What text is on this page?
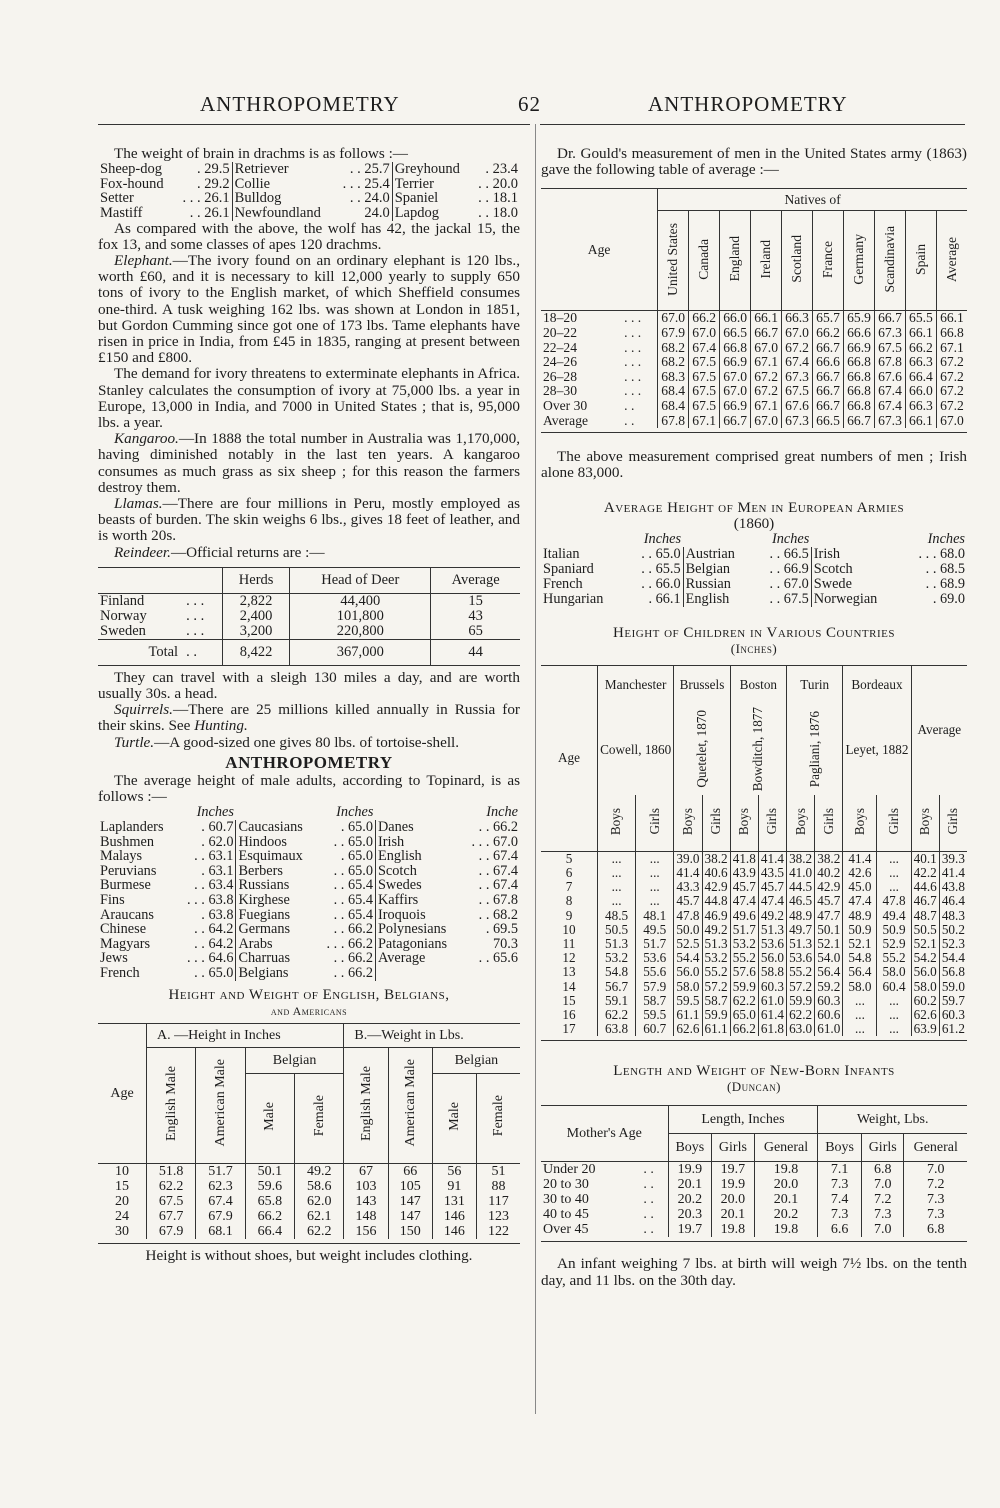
ANTHROPOMETRY	62	ANTHROPOMETRY

The weight of brain in drachms is as follows :—

Sheep-dog	. 29.5	Retriever	. . 25.7	Greyhound	. 23.4
Fox-hound	. 29.2	Collie	. . . 25.4	Terrier	. . 20.0
Setter	. . . 26.1	Bulldog	. . 24.0	Spaniel	. . 18.1
Mastiff	. . 26.1	Newfoundland	24.0	Lapdog	. . 18.0

As compared with the above, the wolf has 42, the jackal 15, the fox 13, and some classes of apes 120 drachms.

Elephant.—The ivory found on an ordinary elephant is 120 lbs., worth £60, and it is necessary to kill 12,000 yearly to supply 650 tons of ivory to the English market, of which Sheffield consumes one-third. A tusk weighing 162 lbs. was shown at London in 1851, but Gordon Cumming since got one of 173 lbs. Tame elephants have risen in price in India, from £45 in 1835, ranging at present between £150 and £800.

The demand for ivory threatens to exterminate elephants in Africa. Stanley calculates the consumption of ivory at 75,000 lbs. a year in Europe, 13,000 in India, and 7000 in United States ; that is, 95,000 lbs. a year.

Kangaroo.—In 1888 the total number in Australia was 1,170,000, having diminished notably in the last ten years. A kangaroo consumes as much grass as six sheep ; for this reason the farmers destroy them.

Llamas.—There are four millions in Peru, mostly employed as beasts of burden. The skin weighs 6 lbs., gives 18 feet of leather, and is worth 20s.

Reindeer.—Official returns are :—

		Herds	Head of Deer	Average
Finland	. . .	2,822	44,400	15
Norway	. . .	2,400	101,800	43
Sweden	. . .	3,200	220,800	65
Total	. .	8,422	367,000	44

They can travel with a sleigh 130 miles a day, and are worth usually 30s. a head.

Squirrels.—There are 25 millions killed annually in Russia for their skins. See Hunting.

Turtle.—A good-sized one gives 80 lbs. of tortoise-shell.

ANTHROPOMETRY

The average height of male adults, according to Topinard, is as follows :—

	Inches		Inches		Inche
Laplanders	. 60.7	Caucasians	. 65.0	Danes	. . 66.2
Bushmen	. 62.0	Hindoos	. . 65.0	Irish	. . . 67.0
Malays	. . 63.1	Esquimaux	. 65.0	English	. . 67.4
Peruvians	. 63.1	Berbers	. . 65.0	Scotch	. . 67.4
Burmese	. . 63.4	Russians	. . 65.4	Swedes	. . 67.4
Fins	. . . 63.8	Kirghese	. . 65.4	Kaffirs	. . 67.8
Araucans	. 63.8	Fuegians	. . 65.4	Iroquois	. . 68.2
Chinese	. . 64.2	Germans	. . 66.2	Polynesians	. 69.5
Magyars	. . 64.2	Arabs	. . . 66.2	Patagonians	70.3
Jews	. . . 64.6	Charruas	. . 66.2	Average	. . 65.6
French	. . 65.0	Belgians	. . 66.2		
Height and Weight of English, Belgians,
and Americans
Age	A. —Height in Inches				B.—Weight in Lbs.			
	English Male	American Male	Belgian		English Male	American Male	Belgian	
			Male	Female			Male	Female
10	51.8	51.7	50.1	49.2	67	66	56	51
15	62.2	62.3	59.6	58.6	103	105	91	88
20	67.5	67.4	65.8	62.0	143	147	131	117
24	67.7	67.9	66.2	62.1	148	147	146	123
30	67.9	68.1	66.4	62.2	156	150	146	122

Height is without shoes, but weight includes clothing.

Dr. Gould's measurement of men in the United States army (1863) gave the following table of average :—

Age		Natives of									
		United States	Canada	England	Ireland	Scotland	France	Germany	Scandinavia	Spain	Average
18–20	. . .	67.0	66.2	66.0	66.1	66.3	65.7	65.9	66.7	65.5	66.1
20–22	. . .	67.9	67.0	66.5	66.7	67.0	66.2	66.6	67.3	66.1	66.8
22–24	. . .	68.2	67.4	66.8	67.0	67.2	66.7	66.9	67.5	66.2	67.1
24–26	. . .	68.2	67.5	66.9	67.1	67.4	66.6	66.8	67.8	66.3	67.2
26–28	. . .	68.3	67.5	67.0	67.2	67.3	66.7	66.8	67.6	66.4	67.2
28–30	. . .	68.4	67.5	67.0	67.2	67.5	66.7	66.8	67.4	66.0	67.2
Over 30	. .	68.4	67.5	66.9	67.1	67.6	66.7	66.8	67.4	66.3	67.2
Average	. .	67.8	67.1	66.7	67.0	67.3	66.5	66.7	67.3	66.1	67.0

The above measurement comprised great numbers of men ; Irish alone 83,000.

Average Height of Men in European Armies
(1860)
	Inches		Inches		Inches
Italian	. . 65.0	Austrian	. . 66.5	Irish	. . . 68.0
Spaniard	. . 65.5	Belgian	. . 66.9	Scotch	. . 68.5
French	. . 66.0	Russian	. . 67.0	Swede	. . 68.9
Hungarian	. 66.1	English	. . 67.5	Norwegian	. 69.0
Height of Children in Various Countries
(Inches)
Age	Manchester		Brussels		Boston		Turin		Bordeaux		Average	
	Cowell, 1860		Quetelet, 1870		Bowditch, 1877		Pagliani, 1876		Leyet, 1882			
	Boys	Girls	Boys	Girls	Boys	Girls	Boys	Girls	Boys	Girls	Boys	Girls
5	...	...	39.0	38.2	41.8	41.4	38.2	38.2	41.4	...	40.1	39.3
6	...	...	41.4	40.6	43.9	43.5	41.0	40.2	42.6	...	42.2	41.4
7	...	...	43.3	42.9	45.7	45.7	44.5	42.9	45.0	...	44.6	43.8
8	...	...	45.7	44.8	47.4	47.4	46.5	45.7	47.4	47.8	46.7	46.4
9	48.5	48.1	47.8	46.9	49.6	49.2	48.9	47.7	48.9	49.4	48.7	48.3
10	50.5	49.5	50.0	49.2	51.7	51.3	49.7	50.1	50.9	50.9	50.5	50.2
11	51.3	51.7	52.5	51.3	53.2	53.6	51.3	52.1	52.1	52.9	52.1	52.3
12	53.2	53.6	54.4	53.2	55.2	56.0	53.6	54.0	54.8	55.2	54.2	54.4
13	54.8	55.6	56.0	55.2	57.6	58.8	55.2	56.4	56.4	58.0	56.0	56.8
14	56.7	57.9	58.0	57.2	59.9	60.3	57.2	59.2	58.0	60.4	58.0	59.0
15	59.1	58.7	59.5	58.7	62.2	61.0	59.9	60.3	...	...	60.2	59.7
16	62.2	59.5	61.1	59.9	65.0	61.4	62.2	60.6	...	...	62.6	60.3
17	63.8	60.7	62.6	61.1	66.2	61.8	63.0	61.0	...	...	63.9	61.2
Length and Weight of New-Born Infants
(Duncan)
Mother's Age		Length, Inches			Weight, Lbs.		
		Boys	Girls	General	Boys	Girls	General
Under 20	. .	19.9	19.7	19.8	7.1	6.8	7.0
20 to 30	. .	20.1	19.9	20.0	7.3	7.0	7.2
30 to 40	. .	20.2	20.0	20.1	7.4	7.2	7.3
40 to 45	. .	20.3	20.1	20.2	7.3	7.3	7.3
Over 45	. .	19.7	19.8	19.8	6.6	7.0	6.8

An infant weighing 7 lbs. at birth will weigh 7½ lbs. on the tenth day, and 11 lbs. on the 30th day.
